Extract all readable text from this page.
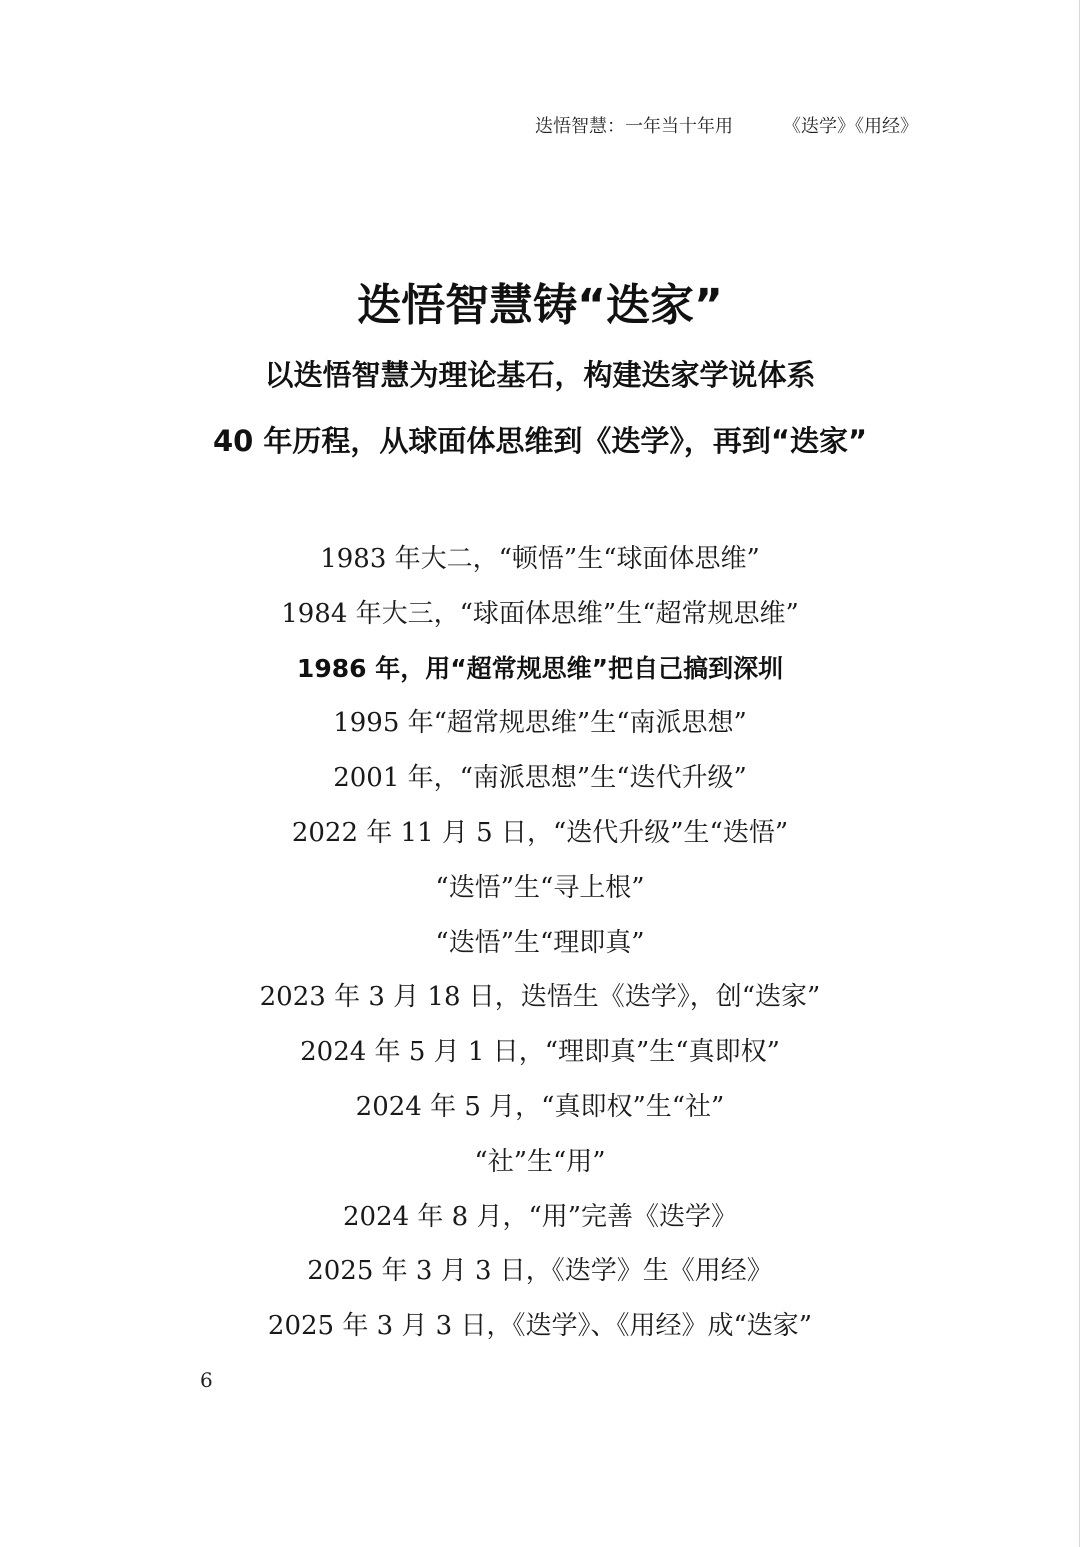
迭悟智慧：一年当十年用	《迭学》《用经》
迭悟智慧铸“迭家”
以迭悟智慧为理论基石，构建迭家学说体系
40 年历程，从球面体思维到《迭学》，再到“迭家”
1983 年大二，“顿悟”生“球面体思维”
1984 年大三，“球面体思维”生“超常规思维”
1986 年，用“超常规思维”把自己搞到深圳
1995 年“超常规思维”生“南派思想”
2001 年，“南派思想”生“迭代升级”
2022 年 11 月 5 日，“迭代升级”生“迭悟”
“迭悟”生“寻上根”
“迭悟”生“理即真”
2023 年 3 月 18 日，迭悟生《迭学》，创“迭家”
2024 年 5 月 1 日，“理即真”生“真即权”
2024 年 5 月，“真即权”生“社”
“社”生“用”
2024 年 8 月，“用”完善《迭学》
2025 年 3 月 3 日，《迭学》生《用经》
2025 年 3 月 3 日，《迭学》、《用经》成“迭家”
6
